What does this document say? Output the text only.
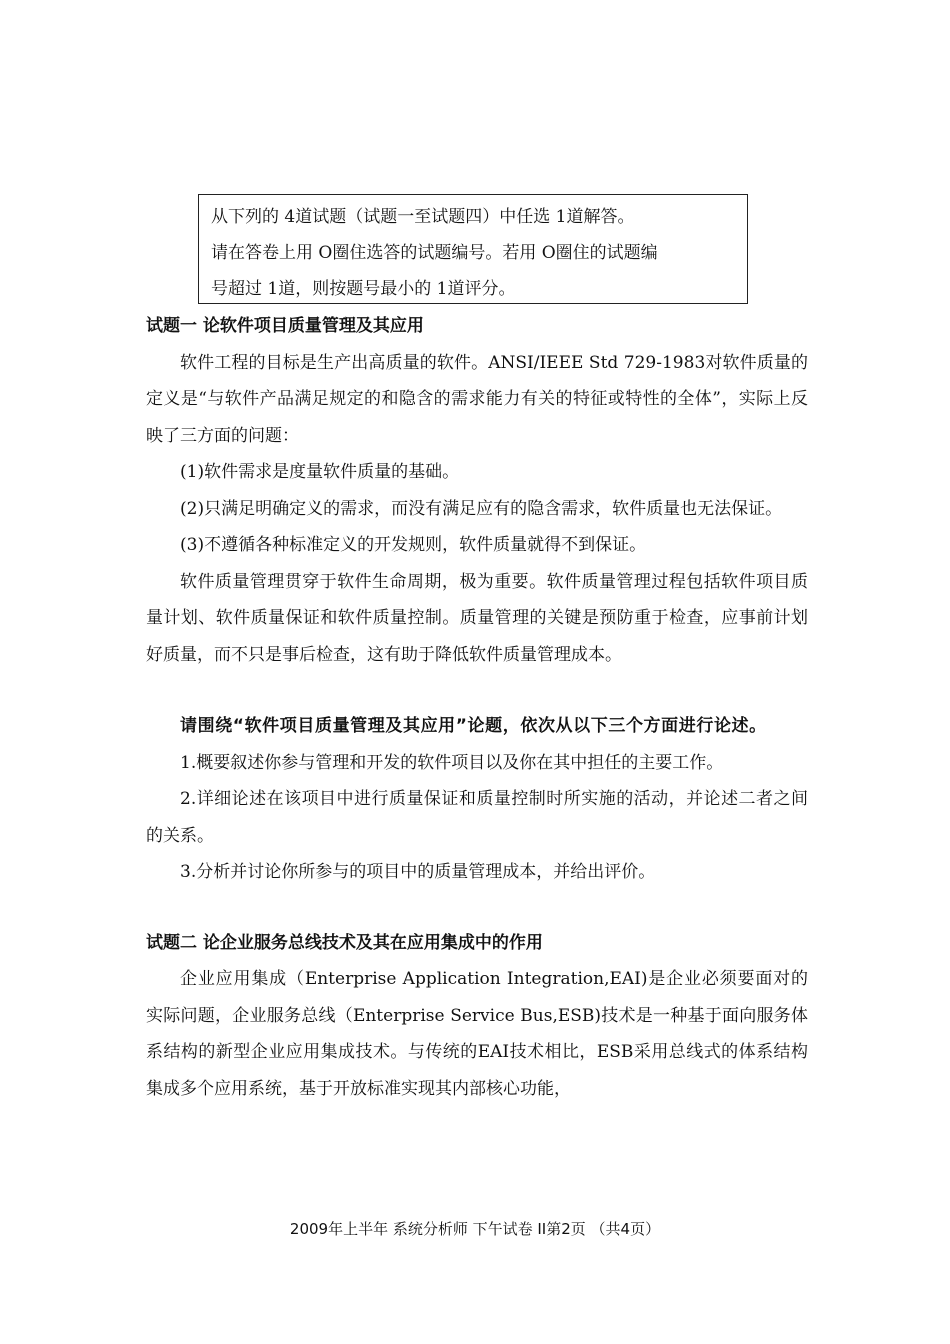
从下列的 4道试题（试题一至试题四）中任选 1道解答。

请在答卷上用 O圈住选答的试题编号。若用 O圈住的试题编

号超过 1道，则按题号最小的 1道评分。

试题一 论软件项目质量管理及其应用

软件工程的目标是生产出高质量的软件。ANSI/IEEE Std 729-1983对软件质量的定义是“与软件产品满足规定的和隐含的需求能力有关的特征或特性的全体”，实际上反映了三方面的问题：

(1)软件需求是度量软件质量的基础。

(2)只满足明确定义的需求，而没有满足应有的隐含需求，软件质量也无法保证。

(3)不遵循各种标准定义的开发规则，软件质量就得不到保证。

软件质量管理贯穿于软件生命周期，极为重要。软件质量管理过程包括软件项目质量计划、软件质量保证和软件质量控制。质量管理的关键是预防重于检查，应事前计划好质量，而不只是事后检查，这有助于降低软件质量管理成本。

请围绕“软件项目质量管理及其应用”论题，依次从以下三个方面进行论述。

1.概要叙述你参与管理和开发的软件项目以及你在其中担任的主要工作。

2.详细论述在该项目中进行质量保证和质量控制时所实施的活动，并论述二者之间的关系。

3.分析并讨论你所参与的项目中的质量管理成本，并给出评价。

试题二 论企业服务总线技术及其在应用集成中的作用

企业应用集成（Enterprise Application Integration,EAI)是企业必须要面对的实际问题，企业服务总线（Enterprise Service Bus,ESB)技术是一种基于面向服务体系结构的新型企业应用集成技术。与传统的EAI技术相比，ESB采用总线式的体系结构集成多个应用系统，基于开放标准实现其内部核心功能，

2009年上半年 系统分析师 下午试卷 II第2页 （共4页）
